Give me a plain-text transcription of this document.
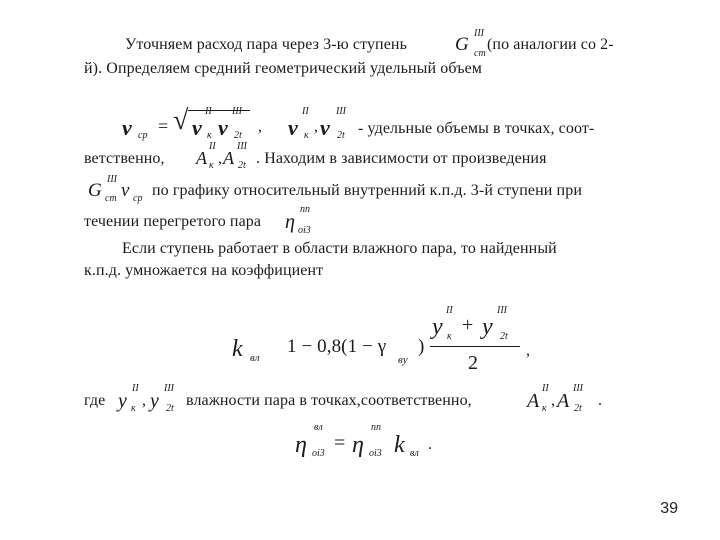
Уточняем расход пара через 3-ю ступень	G
III
ст
(по аналогии со 2-
й). Определяем средний геометрический удельный объем
v ср = √ v
II
к v
III
2t
, v
II
к
, v
III
2t - удельные объемы в точках, соот-
ветственно, A
II
к , A
III
2t . Находим в зависимости от произведения
G
III
ст v ср по графику относительный внутренний к.п.д. 3-й ступени при
течении перегретого пара η
пп
oi3
Если ступень работает в области влажного пара, то найденный
к.п.д. умножается на коэффициент
k вл
1 − 0,8(1 − γ
вy
)
y
II
к
+ y
III
2t
2
,
где y
II
к , y
III
2t влажности пара в точках,соответственно,	A
II
к , A
III
2t .
η
вл
oi3 = η
пп
oi3 k вл
.
39
